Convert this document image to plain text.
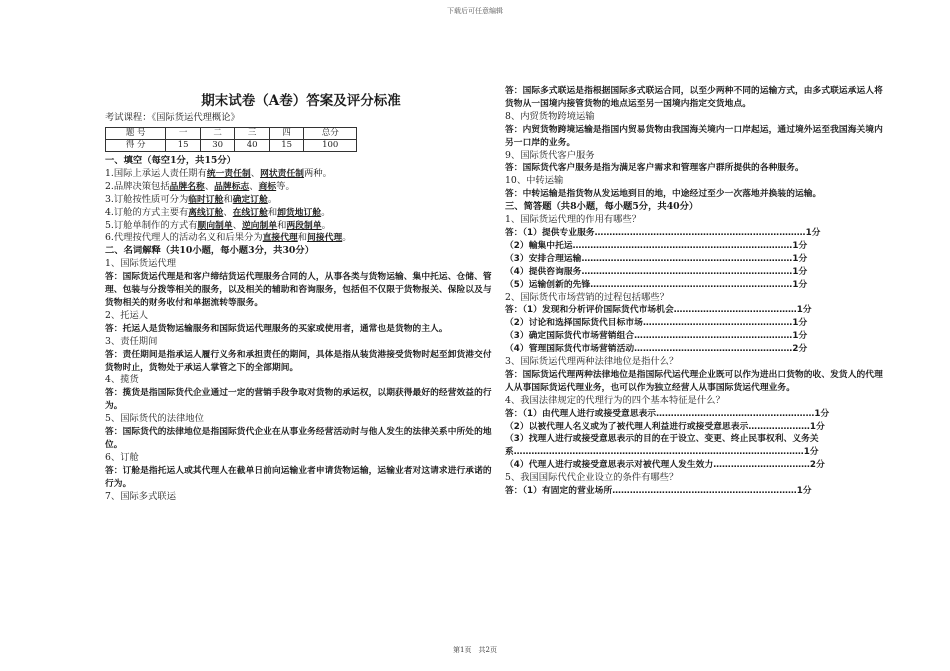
下载后可任意编辑

期末试卷（A卷）答案及评分标准

考试课程：《国际货运代理概论》

题 号	一	二	三	四	总分
得 分	15	30	40	15	100

一、填空（每空1分，共15分）

1.国际上承运人责任期有统一责任制、网状责任制两种。

2.品牌决策包括品牌名称、品牌标志、商标等。

3.订舱按性质可分为临时订舱和确定订舱。

4.订舱的方式主要有离线订舱、在线订舱和卸货地订舱。

5.订舱单制作的方式有顺向制单、逆向制单和两段制单。

6.代理按代理人的活动名义和后果分为直接代理和间接代理。

二、名词解释（共10小题，每小题3分，共30分）

1、国际货运代理

答：国际货运代理是和客户缔结货运代理服务合同的人，从事各类与货物运输、集中托运、仓储、管理、包装与分拨等相关的服务，以及相关的辅助和咨询服务，包括但不仅限于货物报关、保险以及与货物相关的财务收付和单据流转等服务。

2、托运人

答：托运人是货物运输服务和国际货运代理服务的买家或使用者，通常也是货物的主人。

3、责任期间

答：责任期间是指承运人履行义务和承担责任的期间，具体是指从装货港接受货物时起至卸货港交付货物时止，货物处于承运人掌管之下的全部期间。

4、揽货

答：揽货是指国际货代企业通过一定的营销手段争取对货物的承运权，以期获得最好的经营效益的行为。

5、国际货代的法律地位

答：国际货代的法律地位是指国际货代企业在从事业务经营活动时与他人发生的法律关系中所处的地位。

6、订舱

答：订舱是指托运人或其代理人在截单日前向运输业者申请货物运输，运输业者对这请求进行承诺的行为。

7、国际多式联运

答：国际多式联运是指根据国际多式联运合同，以至少两种不同的运输方式，由多式联运承运人将货物从一国境内接管货物的地点运至另一国境内指定交货地点。

8、内贸货物跨境运输

答：内贸货物跨境运输是指国内贸易货物由我国海关境内一口岸起运，通过境外运至我国海关境内另一口岸的业务。

9、国际货代客户服务

答：国际货代客户服务是指为满足客户需求和管理客户群所提供的各种服务。

10、中转运输

答：中转运输是指货物从发运地到目的地，中途经过至少一次落地并换装的运输。

三、简答题（共8小题，每小题5分，共40分）

1、国际货运代理的作用有哪些？

答：（1）提供专业服务………………………………………………………………1分

（2）輸集中托运…………………………………………………………………1分

（3）安排合理运输………………………………………………………………1分

（4）提供咨询服务………………………………………………………………1分

（5）运输创新的先锋……………………………………………………………1分

2、国际货代市场营销的过程包括哪些？

答：（1）发现和分析评价国际货代市场机会……………………………………1分

（2）讨论和选择国际货代目标市场……………………………………………1分

（3）确定国际货代市场营销组合………………………………………………1分

（4）管理国际货代市场营销活动………………………………………………2分

3、国际货运代理两种法律地位是指什么？

答：国际货运代理两种法律地位是指国际代运代理企业既可以作为进出口货物的收、发货人的代理人从事国际货运代理业务，也可以作为独立经营人从事国际货运代理业务。

4、我国法律规定的代理行为的四个基本特征是什么？

答：（1）由代理人进行或接受意思表示………………………………………………1分

（2）以被代理人名义或为了被代理人利益进行或接受意思表示…………………1分

（3）找理人进行或接受意思表示的目的在于设立、变更、终止民事权利、义务关系………………………………………………………………………………………1分

（4）代理人进行或接受意思表示对被代理人发生效力……………………………2分

5、我国国际代代企业设立的条件有哪些？

答：（1）有固定的营业场所………………………………………………………1分

第1页　共2页
